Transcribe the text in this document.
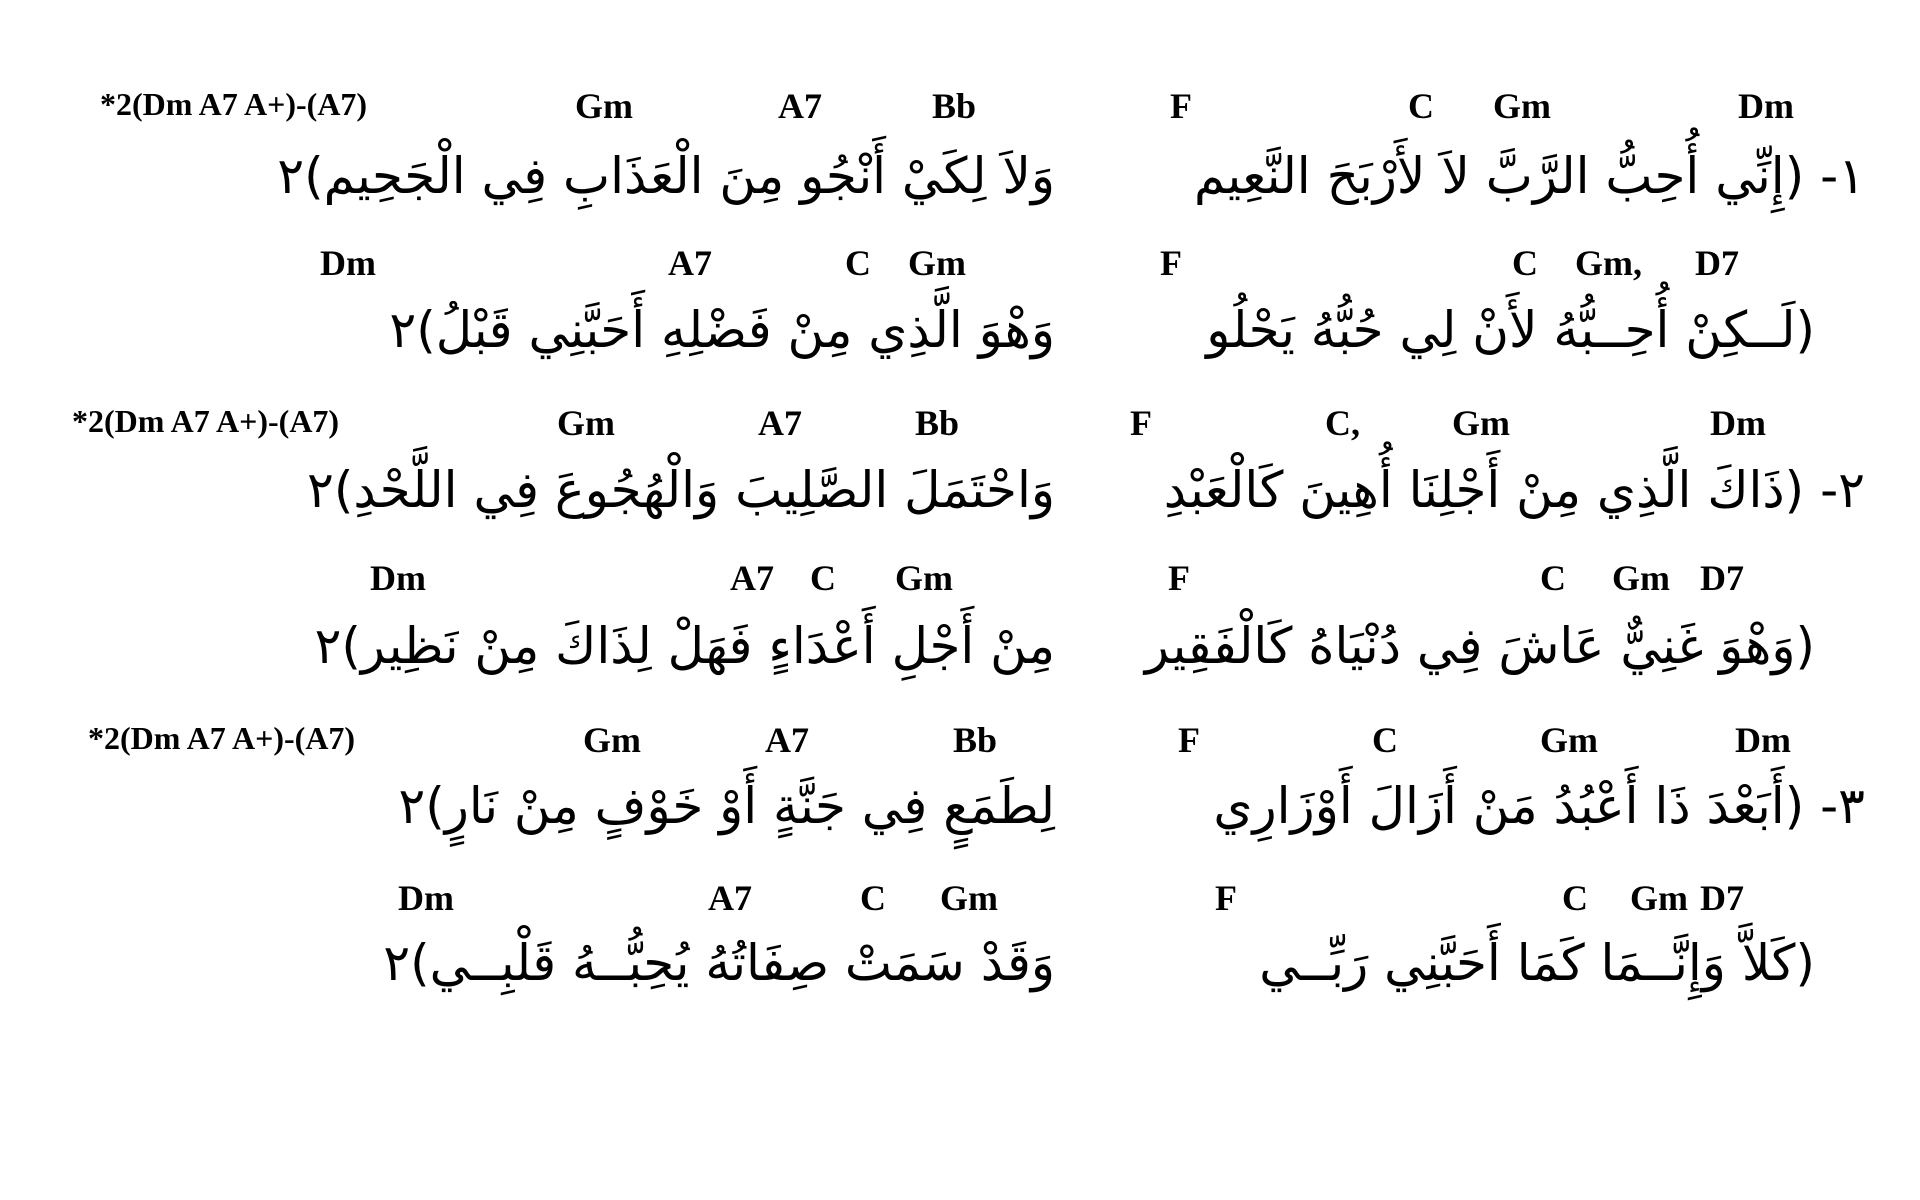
*2(Dm A7 A+)-(A7)	Gm	A7	Bb	F	C Gm	Dm
وَلاَ لِكَيْ أَنْجُو مِنَ الْعَذَابِ فِي الْجَحِيم)٢	١- (إِنِّي أُحِبُّ الرَّبَّ لاَ لأَرْبَحَ النَّعِيم
Dm	A7	C Gm	F	C Gm, D7
وَهْوَ الَّذِي مِنْ فَضْلِهِ أَحَبَّنِي قَبْلُ)٢	(لَــكِنْ أُحِــبُّهُ لأَنْ لِي حُبُّهُ يَحْلُو
*2(Dm A7 A+)-(A7)	Gm	A7	Bb	F	C,	Gm	Dm
وَاحْتَمَلَ الصَّلِيبَ وَالْهُجُوعَ فِي اللَّحْدِ)٢ ٢- (ذَاكَ الَّذِي مِنْ أَجْلِنَا أُهِينَ كَالْعَبْدِ
Dm	A7 C Gm	F	C Gm D7
مِنْ أَجْلِ أَعْدَاءٍ فَهَلْ لِذَاكَ مِنْ نَظِير)٢ (وَهْوَ غَنِيٌّ عَاشَ فِي دُنْيَاهُ كَالْفَقِير
*2(Dm A7 A+)-(A7)	Gm	A7	Bb	F	C	Gm	Dm
لِطَمَعٍ فِي جَنَّةٍ أَوْ خَوْفٍ مِنْ نَارٍ)٢	٣- (أَبَعْدَ ذَا أَعْبُدُ مَنْ أَزَالَ أَوْزَارِي
Dm	A7	C Gm	F	C Gm D7
وَقَدْ سَمَتْ صِفَاتُهُ يُحِبُّــهُ قَلْبِــي)٢	(كَلاَّ وَإِنَّــمَا كَمَا أَحَبَّنِي رَبِّــي
